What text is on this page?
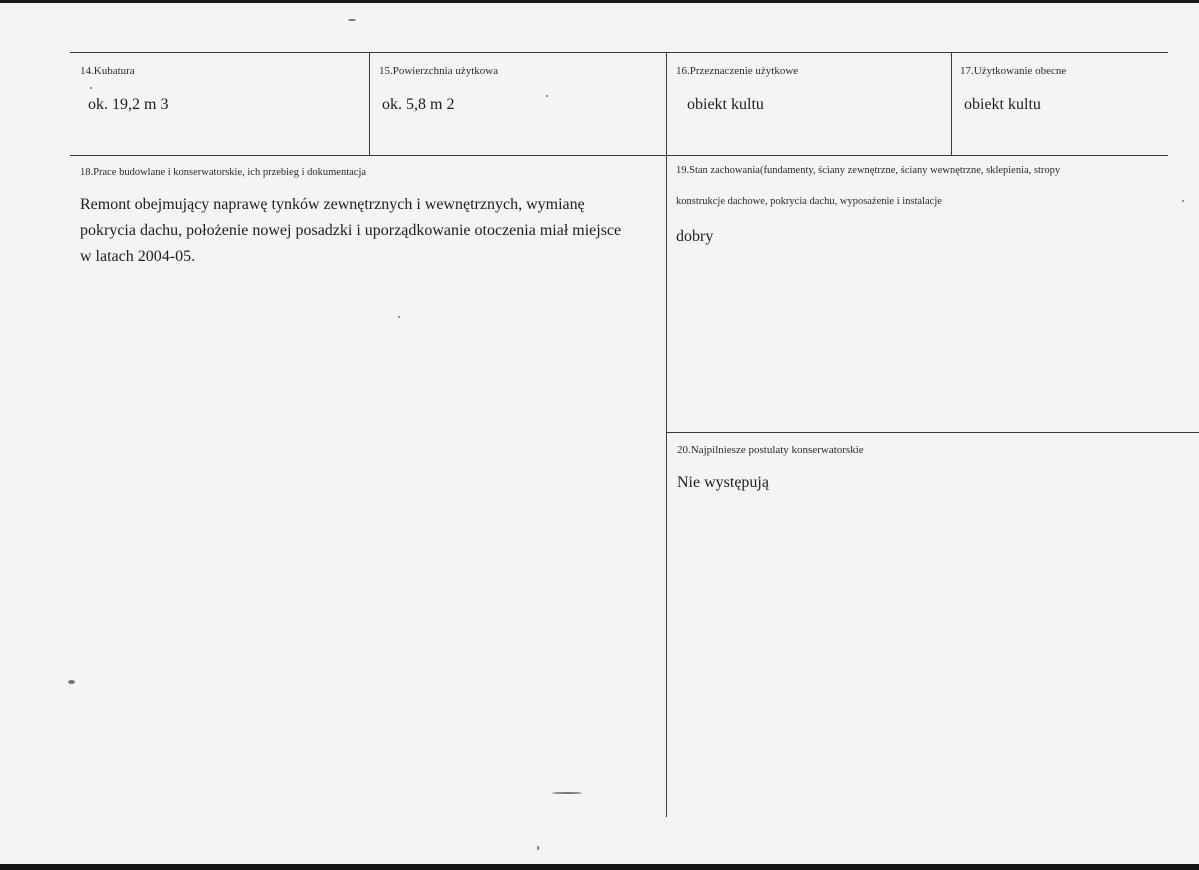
14.Kubatura
ok. 19,2 m 3
15.Powierzchnia użytkowa
ok. 5,8 m 2
16.Przeznaczenie użytkowe
obiekt kultu
17.Użytkowanie obecne
obiekt kultu
18.Prace budowlane i konserwatorskie, ich przebieg i dokumentacja
Remont obejmujący naprawę tynków zewnętrznych i wewnętrznych, wymianę
pokrycia dachu, położenie nowej posadzki i uporządkowanie otoczenia miał miejsce
w latach 2004-05.
19.Stan zachowania(fundamenty, ściany zewnętrzne, ściany wewnętrzne, sklepienia, stropy
konstrukcje dachowe, pokrycia dachu, wyposażenie i instalacje
dobry
20.Najpilniesze postulaty konserwatorskie
Nie występują
